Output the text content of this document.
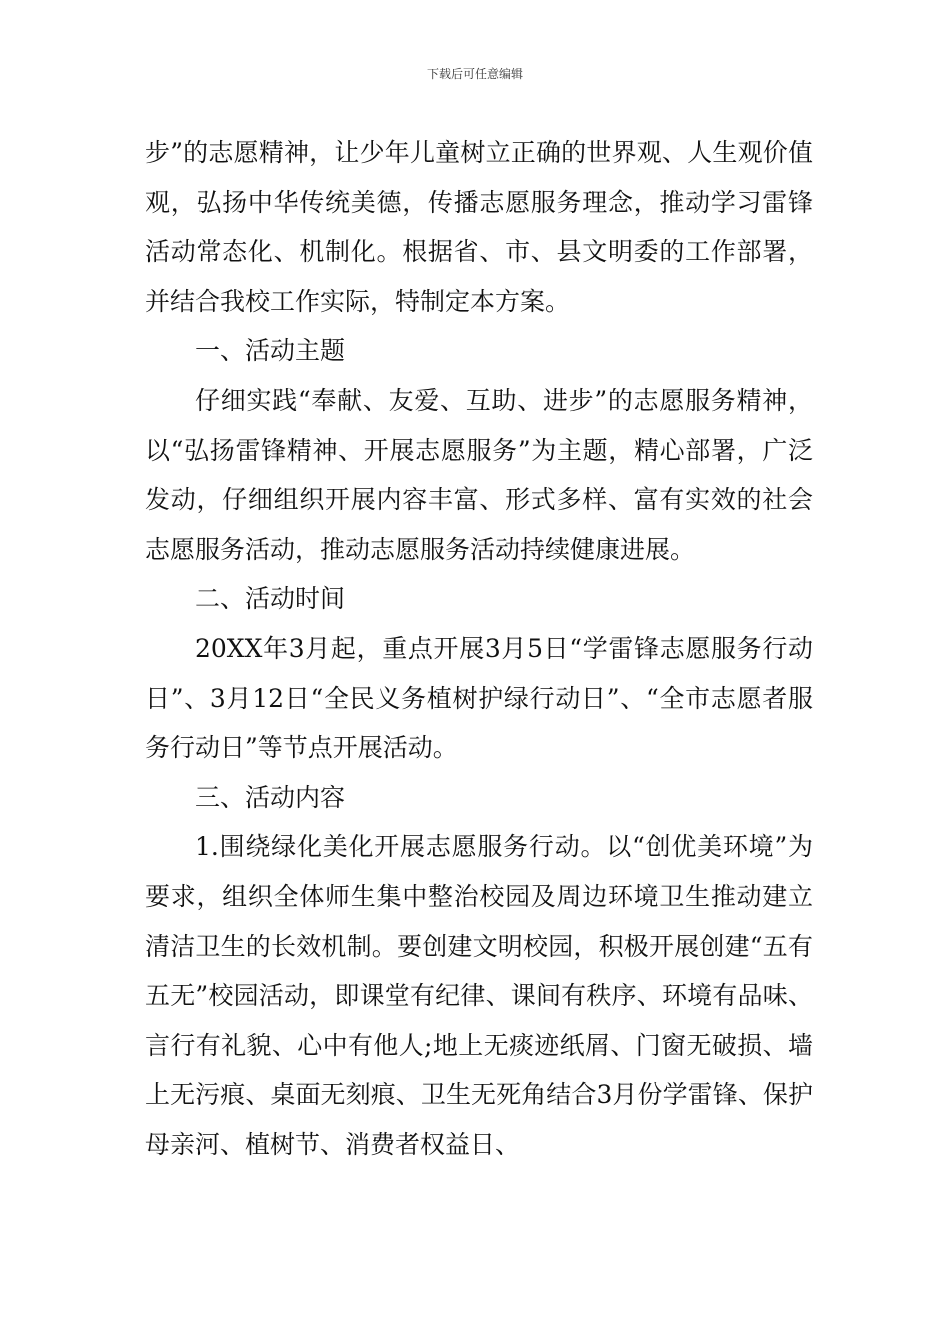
下载后可任意编辑

步”的志愿精神，让少年儿童树立正确的世界观、人生观价值观，弘扬中华传统美德，传播志愿服务理念，推动学习雷锋活动常态化、机制化。根据省、市、县文明委的工作部署，并结合我校工作实际，特制定本方案。

一、活动主题

仔细实践“奉献、友爱、互助、进步”的志愿服务精神，以“弘扬雷锋精神、开展志愿服务”为主题，精心部署，广泛发动，仔细组织开展内容丰富、形式多样、富有实效的社会志愿服务活动，推动志愿服务活动持续健康进展。

二、活动时间

20XX年3月起，重点开展3月5日“学雷锋志愿服务行动日”、3月12日“全民义务植树护绿行动日”、“全市志愿者服务行动日”等节点开展活动。

三、活动内容

1.围绕绿化美化开展志愿服务行动。以“创优美环境”为要求，组织全体师生集中整治校园及周边环境卫生推动建立清洁卫生的长效机制。要创建文明校园，积极开展创建“五有五无”校园活动，即课堂有纪律、课间有秩序、环境有品味、言行有礼貌、心中有他人;地上无痰迹纸屑、门窗无破损、墙上无污痕、桌面无刻痕、卫生无死角结合3月份学雷锋、保护母亲河、植树节、消费者权益日、
